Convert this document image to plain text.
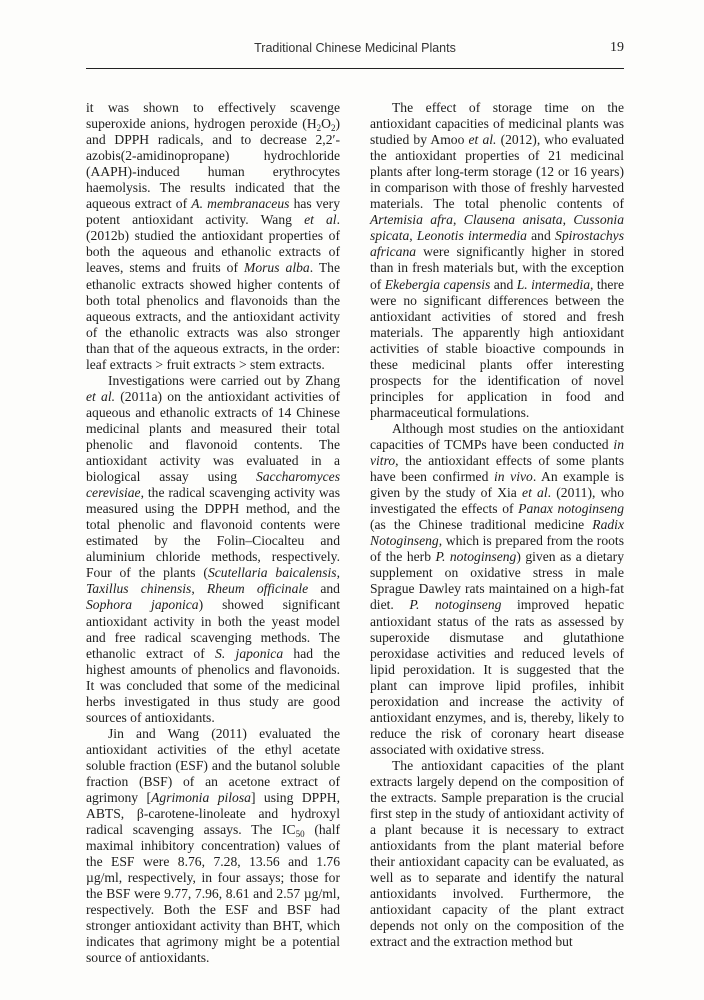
Traditional Chinese Medicinal Plants	19

it was shown to effectively scavenge superoxide anions, hydrogen peroxide $(H_2O_2)$ and DPPH radicals, and to decrease 2,2′-azobis(2-amidinopropane) hydrochloride (AAPH)-induced human erythrocytes haemolysis. The results indicated that the aqueous extract of A. membranaceus has very potent antioxidant activity. Wang et al. (2012b) studied the antioxidant properties of both the aqueous and ethanolic extracts of leaves, stems and fruits of Morus alba. The ethanolic extracts showed higher contents of both total phenolics and flavonoids than the aqueous extracts, and the antioxidant activity of the ethanolic extracts was also stronger than that of the aqueous extracts, in the order: leaf extracts > fruit extracts > stem extracts.

Investigations were carried out by Zhang et al. (2011a) on the antioxidant activities of aqueous and ethanolic extracts of 14 Chinese medicinal plants and measured their total phenolic and flavonoid contents. The antioxidant activity was evaluated in a biological assay using Saccharomyces cerevisiae, the radical scavenging activity was measured using the DPPH method, and the total phenolic and flavonoid contents were estimated by the Folin–Ciocalteu and aluminium chloride methods, respectively. Four of the plants (Scutellaria baicalensis, Taxillus chinensis, Rheum officinale and Sophora japonica) showed significant antioxidant activity in both the yeast model and free radical scavenging methods. The ethanolic extract of S. japonica had the highest amounts of phenolics and flavonoids. It was concluded that some of the medicinal herbs investigated in thus study are good sources of antioxidants.

Jin and Wang (2011) evaluated the antioxidant activities of the ethyl acetate soluble fraction (ESF) and the butanol soluble fraction (BSF) of an acetone extract of agrimony [Agrimonia pilosa] using DPPH, ABTS, β-carotene-linoleate and hydroxyl radical scavenging assays. The $IC_{50}$ (half maximal inhibitory concentration) values of the ESF were 8.76, 7.28, 13.56 and 1.76 µg/ml, respectively, in four assays; those for the BSF were 9.77, 7.96, 8.61 and 2.57 µg/ml, respectively. Both the ESF and BSF had stronger antioxidant activity than BHT, which indicates that agrimony might be a potential source of antioxidants.

The effect of storage time on the antioxidant capacities of medicinal plants was studied by Amoo et al. (2012), who evaluated the antioxidant properties of 21 medicinal plants after long-term storage (12 or 16 years) in comparison with those of freshly harvested materials. The total phenolic contents of Artemisia afra, Clausena anisata, Cussonia spicata, Leonotis intermedia and Spirostachys africana were significantly higher in stored than in fresh materials but, with the exception of Ekebergia capensis and L. intermedia, there were no significant differences between the antioxidant activities of stored and fresh materials. The apparently high antioxidant activities of stable bioactive compounds in these medicinal plants offer interesting prospects for the identification of novel principles for application in food and pharmaceutical formulations.

Although most studies on the antioxidant capacities of TCMPs have been conducted in vitro, the antioxidant effects of some plants have been confirmed in vivo. An example is given by the study of Xia et al. (2011), who investigated the effects of Panax notoginseng (as the Chinese traditional medicine Radix Notoginseng, which is prepared from the roots of the herb P. notoginseng) given as a dietary supplement on oxidative stress in male Sprague Dawley rats maintained on a high-fat diet. P. notoginseng improved hepatic antioxidant status of the rats as assessed by superoxide dismutase and glutathione peroxidase activities and reduced levels of lipid peroxidation. It is suggested that the plant can improve lipid profiles, inhibit peroxidation and increase the activity of antioxidant enzymes, and is, thereby, likely to reduce the risk of coronary heart disease associated with oxidative stress.

The antioxidant capacities of the plant extracts largely depend on the composition of the extracts. Sample preparation is the crucial first step in the study of antioxidant activity of a plant because it is necessary to extract antioxidants from the plant material before their antioxidant capacity can be evaluated, as well as to separate and identify the natural antioxidants involved. Furthermore, the antioxidant capacity of the plant extract depends not only on the composition of the extract and the extraction method but
